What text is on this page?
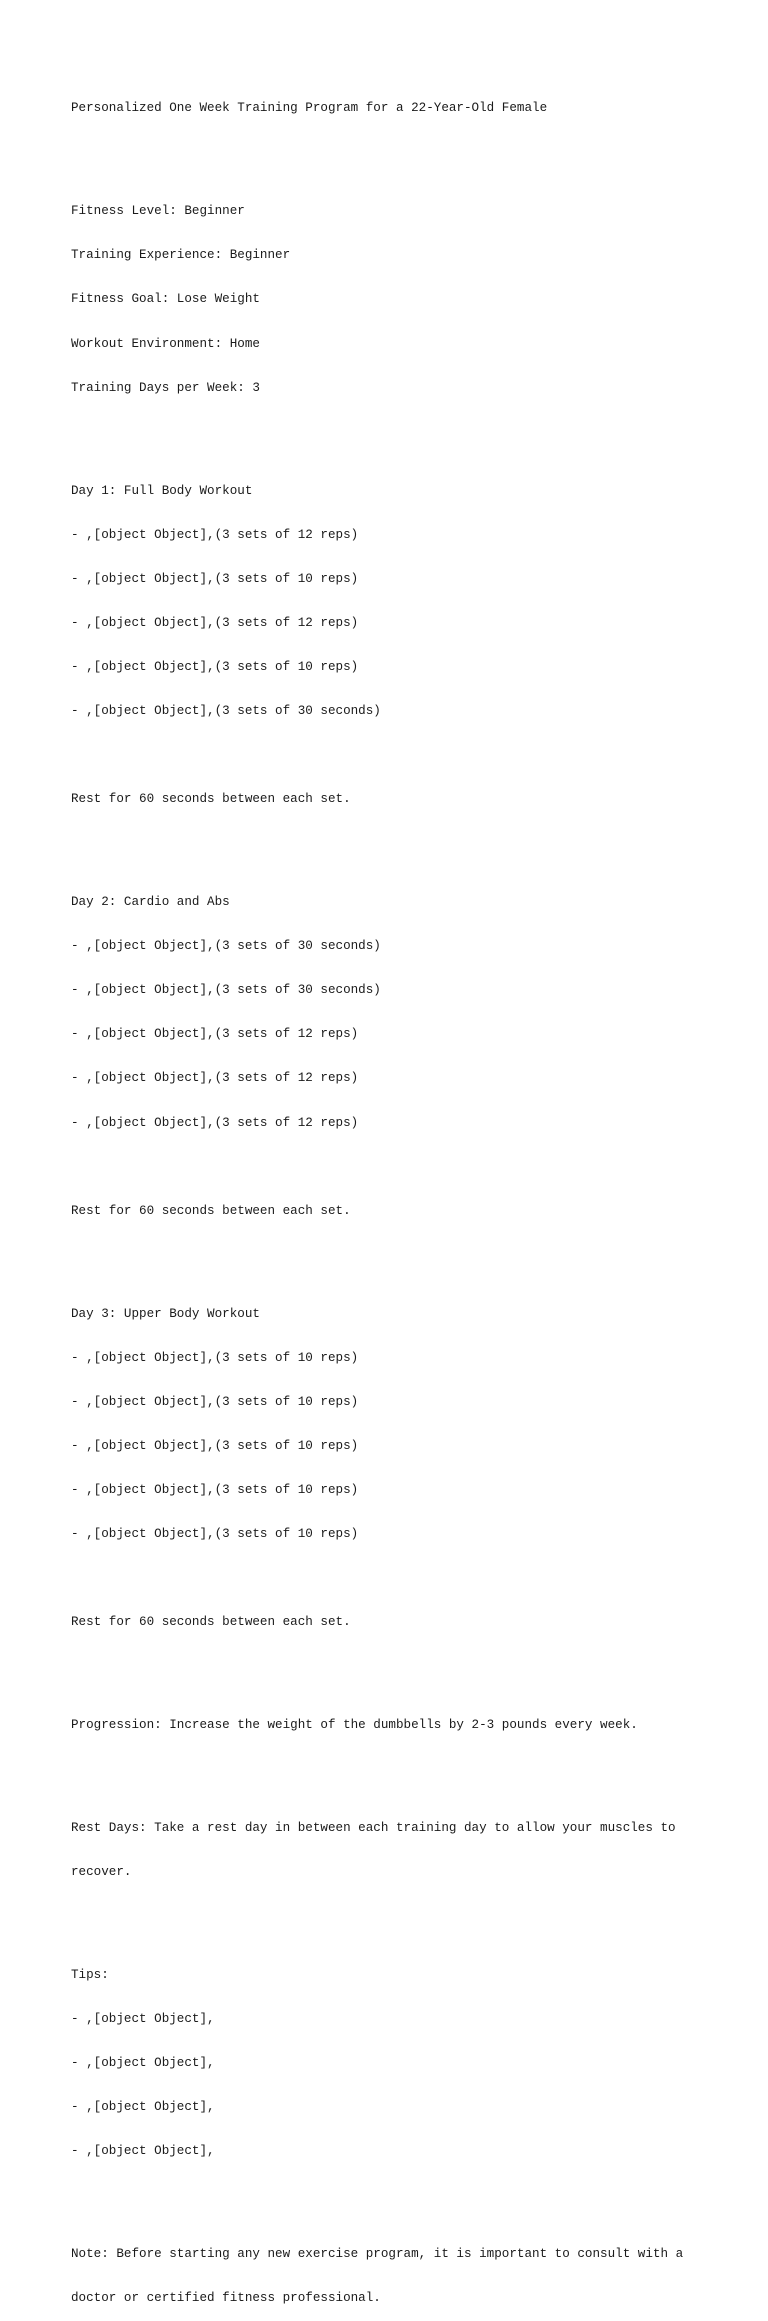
Personalized One Week Training Program for a 22-Year-Old Female

Fitness Level: Beginner

Training Experience: Beginner

Fitness Goal: Lose Weight

Workout Environment: Home

Training Days per Week: 3

Day 1: Full Body Workout

- ,[object Object],(3 sets of 12 reps)

- ,[object Object],(3 sets of 10 reps)

- ,[object Object],(3 sets of 12 reps)

- ,[object Object],(3 sets of 10 reps)

- ,[object Object],(3 sets of 30 seconds)

Rest for 60 seconds between each set.

Day 2: Cardio and Abs

- ,[object Object],(3 sets of 30 seconds)

- ,[object Object],(3 sets of 30 seconds)

- ,[object Object],(3 sets of 12 reps)

- ,[object Object],(3 sets of 12 reps)

- ,[object Object],(3 sets of 12 reps)

Rest for 60 seconds between each set.

Day 3: Upper Body Workout

- ,[object Object],(3 sets of 10 reps)

- ,[object Object],(3 sets of 10 reps)

- ,[object Object],(3 sets of 10 reps)

- ,[object Object],(3 sets of 10 reps)

- ,[object Object],(3 sets of 10 reps)

Rest for 60 seconds between each set.

Progression: Increase the weight of the dumbbells by 2-3 pounds every week.

Rest Days: Take a rest day in between each training day to allow your muscles to

recover.

Tips:

- ,[object Object],

- ,[object Object],

- ,[object Object],

- ,[object Object],

Note: Before starting any new exercise program, it is important to consult with a

doctor or certified fitness professional.
